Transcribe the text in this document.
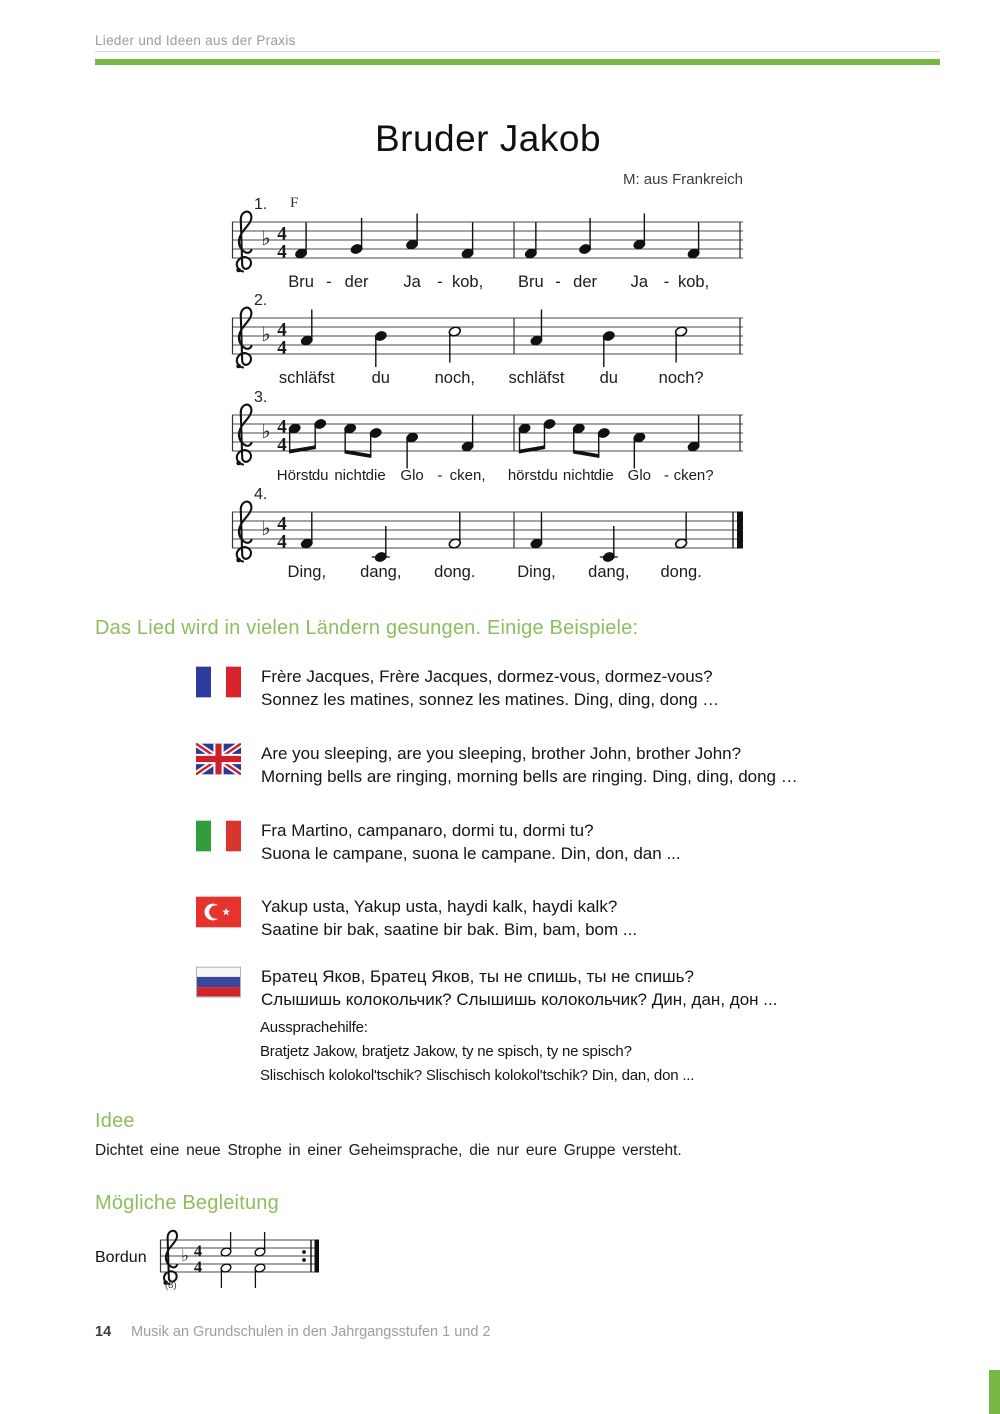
Lieder und Ideen aus der Praxis
Bruder Jakob
M: aus Frankreich
♭ 4
4
1. F
Bru - der Ja - kob, Bru - der Ja - kob,
♭ 4
4
2.
schläfst du	noch, schläfst du noch?
♭ 4
4
3.
Hörst du nicht die Glo - cken, hörst du nicht die Glo - cken?
♭ 4
4
4.
Ding, dang, dong.	Ding, dang, dong.
Das Lied wird in vielen Ländern gesungen. Einige Beispiele:
Frère Jacques, Frère Jacques, dormez-vous, dormez-vous?
Sonnez les matines, sonnez les matines. Ding, ding, dong …
Are you sleeping, are you sleeping, brother John, brother John?
Morning bells are ringing, morning bells are ringing. Ding, ding, dong …
Fra Martino, campanaro, dormi tu, dormi tu?
Suona le campane, suona le campane. Din, don, dan ...
Yakup usta, Yakup usta, haydi kalk, haydi kalk?
Saatine bir bak, saatine bir bak. Bim, bam, bom ...
Братец Яков, Братец Яков, ты не спишь, ты не спишь?
Слышишь колокольчик? Слышишь колокольчик? Дин, дан, дон ...
Aussprachehilfe:
Bratjetz Jakow, bratjetz Jakow, ty ne spisch, ty ne spisch?
Slischisch kolokol'tschik? Slischisch kolokol'tschik? Din, dan, don ...
Idee
Dichtet eine neue Strophe in einer Geheimsprache, die nur eure Gruppe versteht.
Mögliche Begleitung
Bordun
(8)
♭ 4
4
14 Musik an Grundschulen in den Jahrgangsstufen 1 und 2
